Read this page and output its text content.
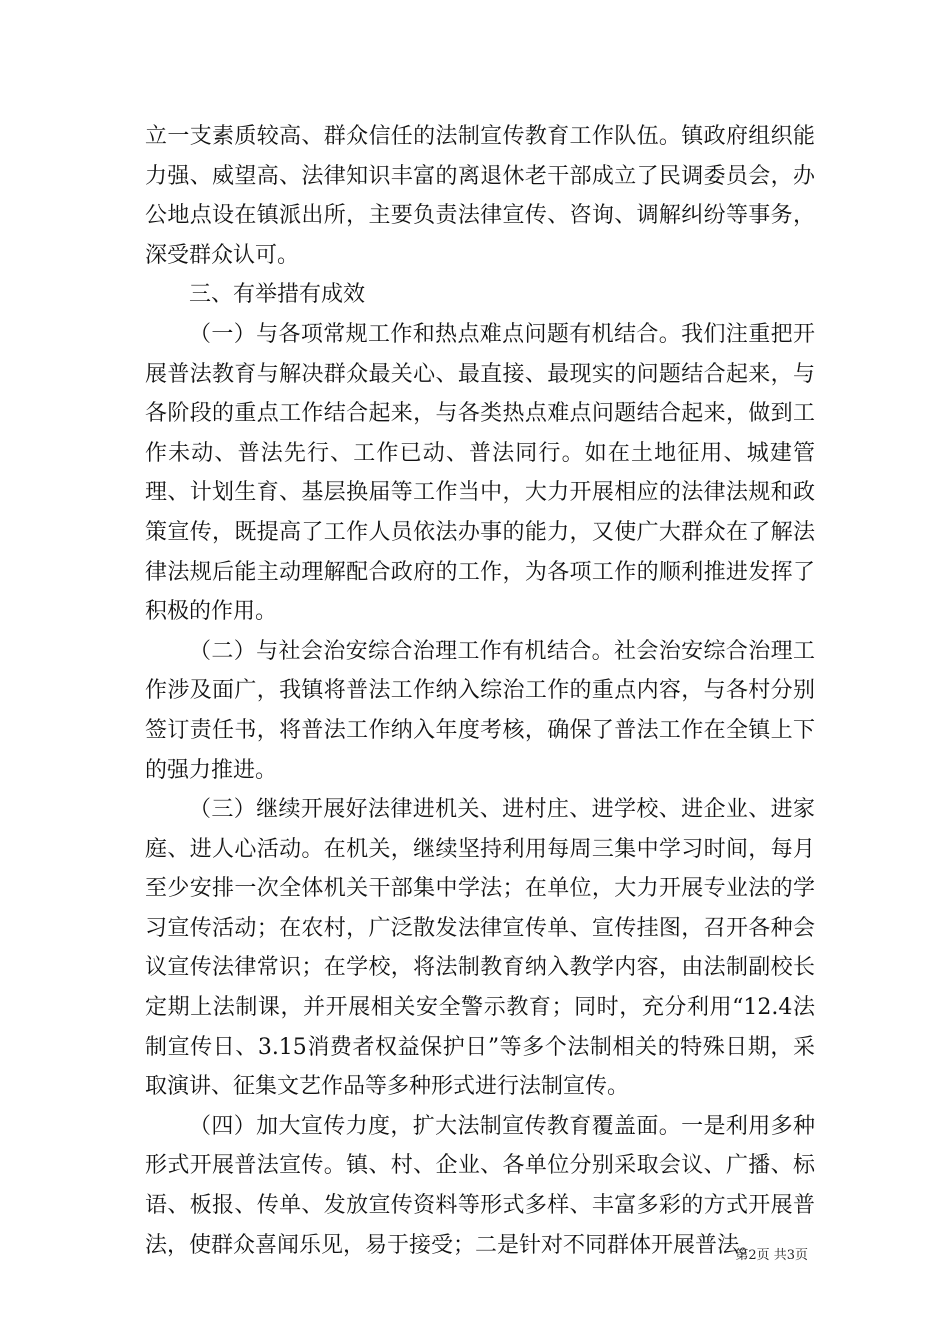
立一支素质较高、群众信任的法制宣传教育工作队伍。镇政府组织能力强、威望高、法律知识丰富的离退休老干部成立了民调委员会，办公地点设在镇派出所，主要负责法律宣传、咨询、调解纠纷等事务，深受群众认可。

三、有举措有成效

（一）与各项常规工作和热点难点问题有机结合。我们注重把开展普法教育与解决群众最关心、最直接、最现实的问题结合起来，与各阶段的重点工作结合起来，与各类热点难点问题结合起来，做到工作未动、普法先行、工作已动、普法同行。如在土地征用、城建管理、计划生育、基层换届等工作当中，大力开展相应的法律法规和政策宣传，既提高了工作人员依法办事的能力，又使广大群众在了解法律法规后能主动理解配合政府的工作，为各项工作的顺利推进发挥了积极的作用。

（二）与社会治安综合治理工作有机结合。社会治安综合治理工作涉及面广，我镇将普法工作纳入综治工作的重点内容，与各村分别签订责任书，将普法工作纳入年度考核，确保了普法工作在全镇上下的强力推进。

（三）继续开展好法律进机关、进村庄、进学校、进企业、进家庭、进人心活动。在机关，继续坚持利用每周三集中学习时间，每月至少安排一次全体机关干部集中学法；在单位，大力开展专业法的学习宣传活动；在农村，广泛散发法律宣传单、宣传挂图，召开各种会议宣传法律常识；在学校，将法制教育纳入教学内容，由法制副校长定期上法制课，并开展相关安全警示教育；同时，充分利用“12.4法制宣传日、3.15消费者权益保护日”等多个法制相关的特殊日期，采取演讲、征集文艺作品等多种形式进行法制宣传。

（四）加大宣传力度，扩大法制宣传教育覆盖面。一是利用多种形式开展普法宣传。镇、村、企业、各单位分别采取会议、广播、标语、板报、传单、发放宣传资料等形式多样、丰富多彩的方式开展普法，使群众喜闻乐见，易于接受；二是针对不同群体开展普法。

第2页 共3页
